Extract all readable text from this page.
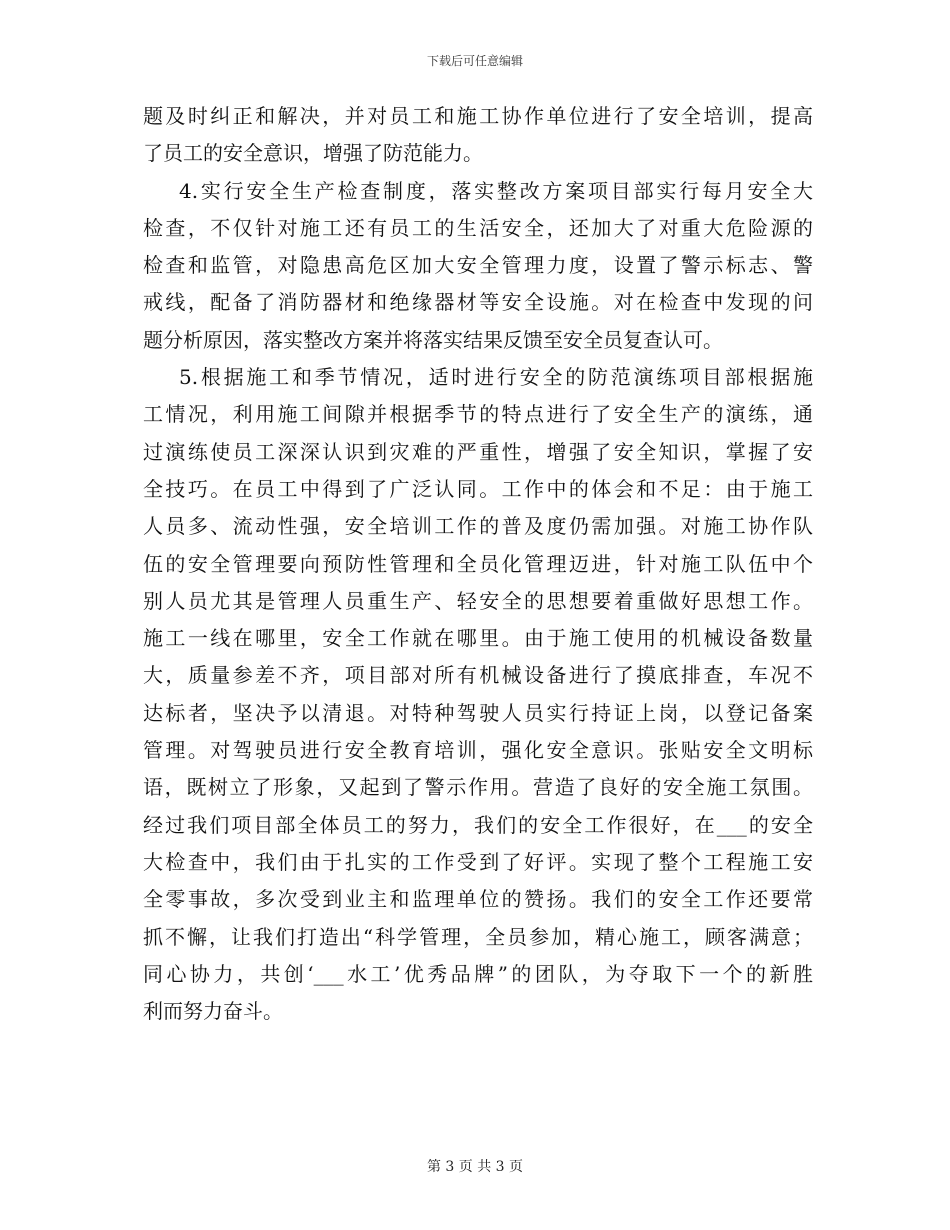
下载后可任意编辑
题及时纠正和解决，并对员工和施工协作单位进行了安全培训，提高
了员工的安全意识，增强了防范能力。
4.实行安全生产检查制度，落实整改方案项目部实行每月安全大
检查，不仅针对施工还有员工的生活安全，还加大了对重大危险源的
检查和监管，对隐患高危区加大安全管理力度，设置了警示标志、警
戒线，配备了消防器材和绝缘器材等安全设施。对在检查中发现的问
题分析原因，落实整改方案并将落实结果反馈至安全员复查认可。
5.根据施工和季节情况，适时进行安全的防范演练项目部根据施
工情况，利用施工间隙并根据季节的特点进行了安全生产的演练，通
过演练使员工深深认识到灾难的严重性，增强了安全知识，掌握了安
全技巧。在员工中得到了广泛认同。工作中的体会和不足：由于施工
人员多、流动性强，安全培训工作的普及度仍需加强。对施工协作队
伍的安全管理要向预防性管理和全员化管理迈进，针对施工队伍中个
别人员尤其是管理人员重生产、轻安全的思想要着重做好思想工作。
施工一线在哪里，安全工作就在哪里。由于施工使用的机械设备数量
大，质量参差不齐，项目部对所有机械设备进行了摸底排查，车况不
达标者，坚决予以清退。对特种驾驶人员实行持证上岗，以登记备案
管理。对驾驶员进行安全教育培训，强化安全意识。张贴安全文明标
语，既树立了形象，又起到了警示作用。营造了良好的安全施工氛围。
经过我们项目部全体员工的努力，我们的安全工作很好，在___的安全
大检查中，我们由于扎实的工作受到了好评。实现了整个工程施工安
全零事故，多次受到业主和监理单位的赞扬。我们的安全工作还要常
抓不懈，让我们打造出“科学管理，全员参加，精心施工，顾客满意；
同心协力，共创‘___水工’优秀品牌”的团队，为夺取下一个的新胜
利而努力奋斗。
第 3 页 共 3 页
